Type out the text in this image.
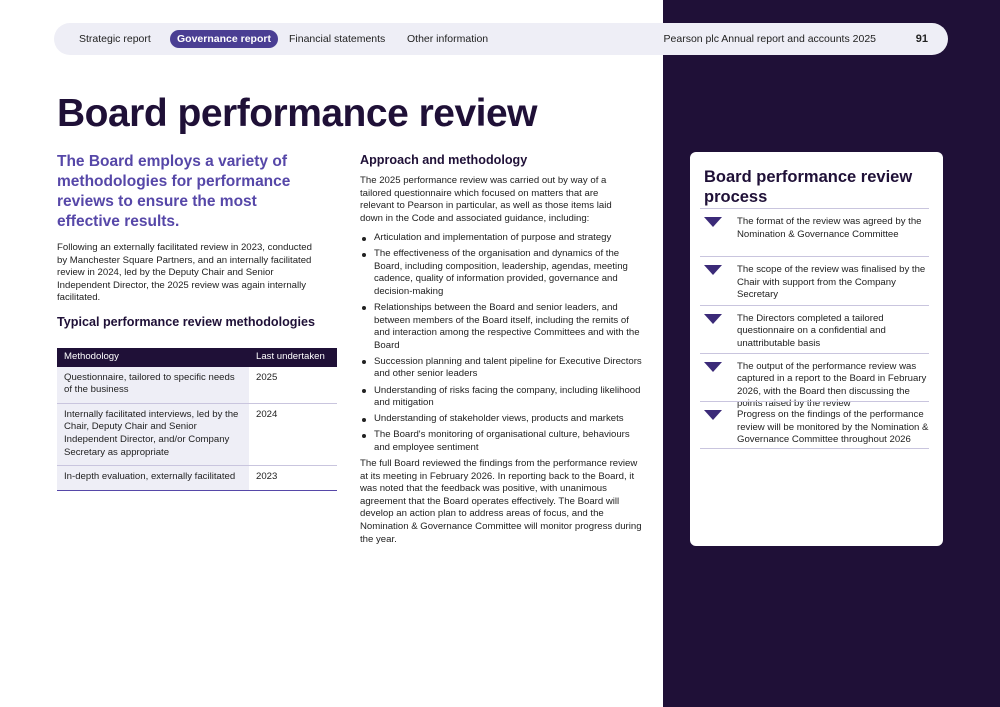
Strategic report	Governance report	Financial statements Other information	Pearson plc Annual report and accounts 2025	91
Board performance review

The Board employs a variety of methodologies for performance reviews to ensure the most effective results.

Following an externally facilitated review in 2023, conducted by Manchester Square Partners, and an internally facilitated review in 2024, led by the Deputy Chair and Senior Independent Director, the 2025 review was again internally facilitated.

Typical performance review methodologies
Methodology	Last undertaken
Questionnaire, tailored to specific needs of the business	2025
Internally facilitated interviews, led by the Chair, Deputy Chair and Senior Independent Director, and/or Company Secretary as appropriate	2024
In-depth evaluation, externally facilitated	2023
Approach and methodology

The 2025 performance review was carried out by way of a tailored questionnaire which focused on matters that are relevant to Pearson in particular, as well as those items laid down in the Code and associated guidance, including:

Articulation and implementation of purpose and strategy
The effectiveness of the organisation and dynamics of the Board, including composition, leadership, agendas, meeting cadence, quality of information provided, governance and decision-making
Relationships between the Board and senior leaders, and between members of the Board itself, including the remits of and interaction among the respective Committees and with the Board
Succession planning and talent pipeline for Executive Directors and other senior leaders
Understanding of risks facing the company, including likelihood and mitigation
Understanding of stakeholder views, products and markets
The Board's monitoring of organisational culture, behaviours and employee sentiment

The full Board reviewed the findings from the performance review at its meeting in February 2026. In reporting back to the Board, it was noted that the feedback was positive, with unanimous agreement that the Board operates effectively. The Board will develop an action plan to address areas of focus, and the Nomination & Governance Committee will monitor progress during the year.

Board performance review process

The format of the review was agreed by the Nomination & Governance Committee

The scope of the review was finalised by the Chair with support from the Company Secretary

The Directors completed a tailored questionnaire on a confidential and unattributable basis

The output of the performance review was captured in a report to the Board in February 2026, with the Board then discussing the points raised by the review

Progress on the findings of the performance review will be monitored by the Nomination & Governance Committee throughout 2026
